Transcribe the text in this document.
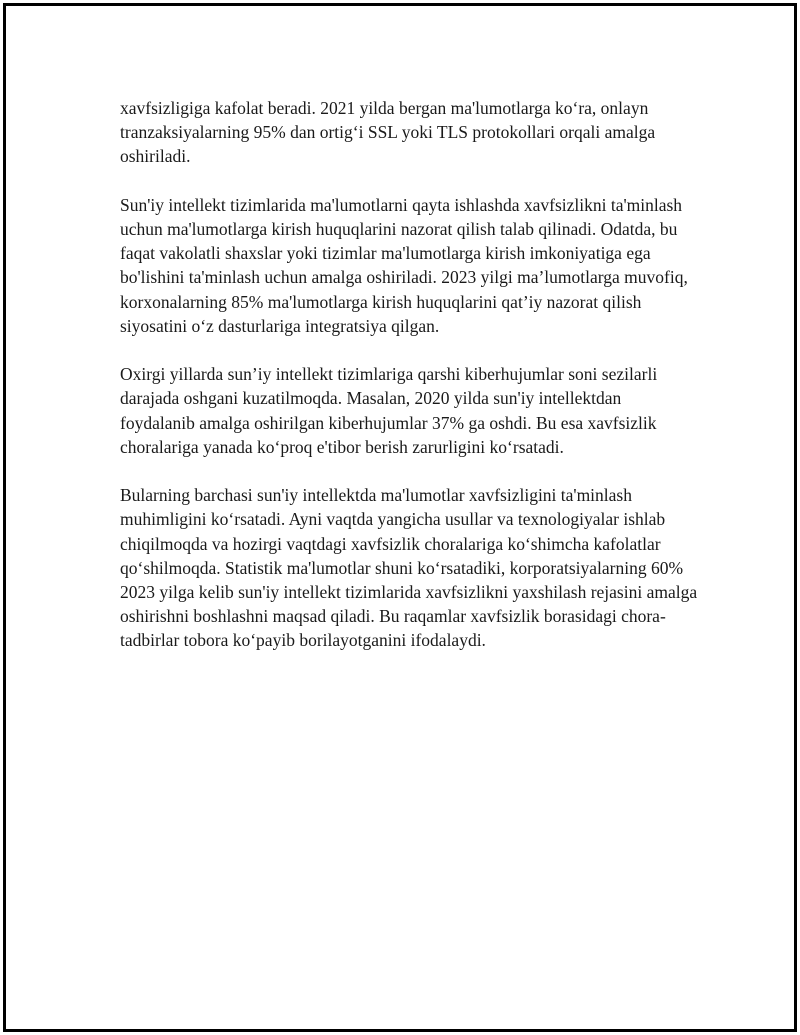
xavfsizligiga kafolat beradi. 2021 yilda bergan ma'lumotlarga koʻra, onlayn tranzaksiyalarning 95% dan ortigʻi SSL yoki TLS protokollari orqali amalga oshiriladi.

Sun'iy intellekt tizimlarida ma'lumotlarni qayta ishlashda xavfsizlikni ta'minlash uchun ma'lumotlarga kirish huquqlarini nazorat qilish talab qilinadi. Odatda, bu faqat vakolatli shaxslar yoki tizimlar ma'lumotlarga kirish imkoniyatiga ega bo'lishini ta'minlash uchun amalga oshiriladi. 2023 yilgi maʼlumotlarga muvofiq, korxonalarning 85% ma'lumotlarga kirish huquqlarini qat’iy nazorat qilish siyosatini oʻz dasturlariga integratsiya qilgan.

Oxirgi yillarda sun’iy intellekt tizimlariga qarshi kiberhujumlar soni sezilarli darajada oshgani kuzatilmoqda. Masalan, 2020 yilda sun'iy intellektdan foydalanib amalga oshirilgan kiberhujumlar 37% ga oshdi. Bu esa xavfsizlik choralariga yanada koʻproq e'tibor berish zarurligini koʻrsatadi.

Bularning barchasi sun'iy intellektda ma'lumotlar xavfsizligini ta'minlash muhimligini koʻrsatadi. Ayni vaqtda yangicha usullar va texnologiyalar ishlab chiqilmoqda va hozirgi vaqtdagi xavfsizlik choralariga koʻshimcha kafolatlar qoʻshilmoqda. Statistik ma'lumotlar shuni koʻrsatadiki, korporatsiyalarning 60% 2023 yilga kelib sun'iy intellekt tizimlarida xavfsizlikni yaxshilash rejasini amalga oshirishni boshlashni maqsad qiladi. Bu raqamlar xavfsizlik borasidagi chora-tadbirlar tobora koʻpayib borilayotganini ifodalaydi.
